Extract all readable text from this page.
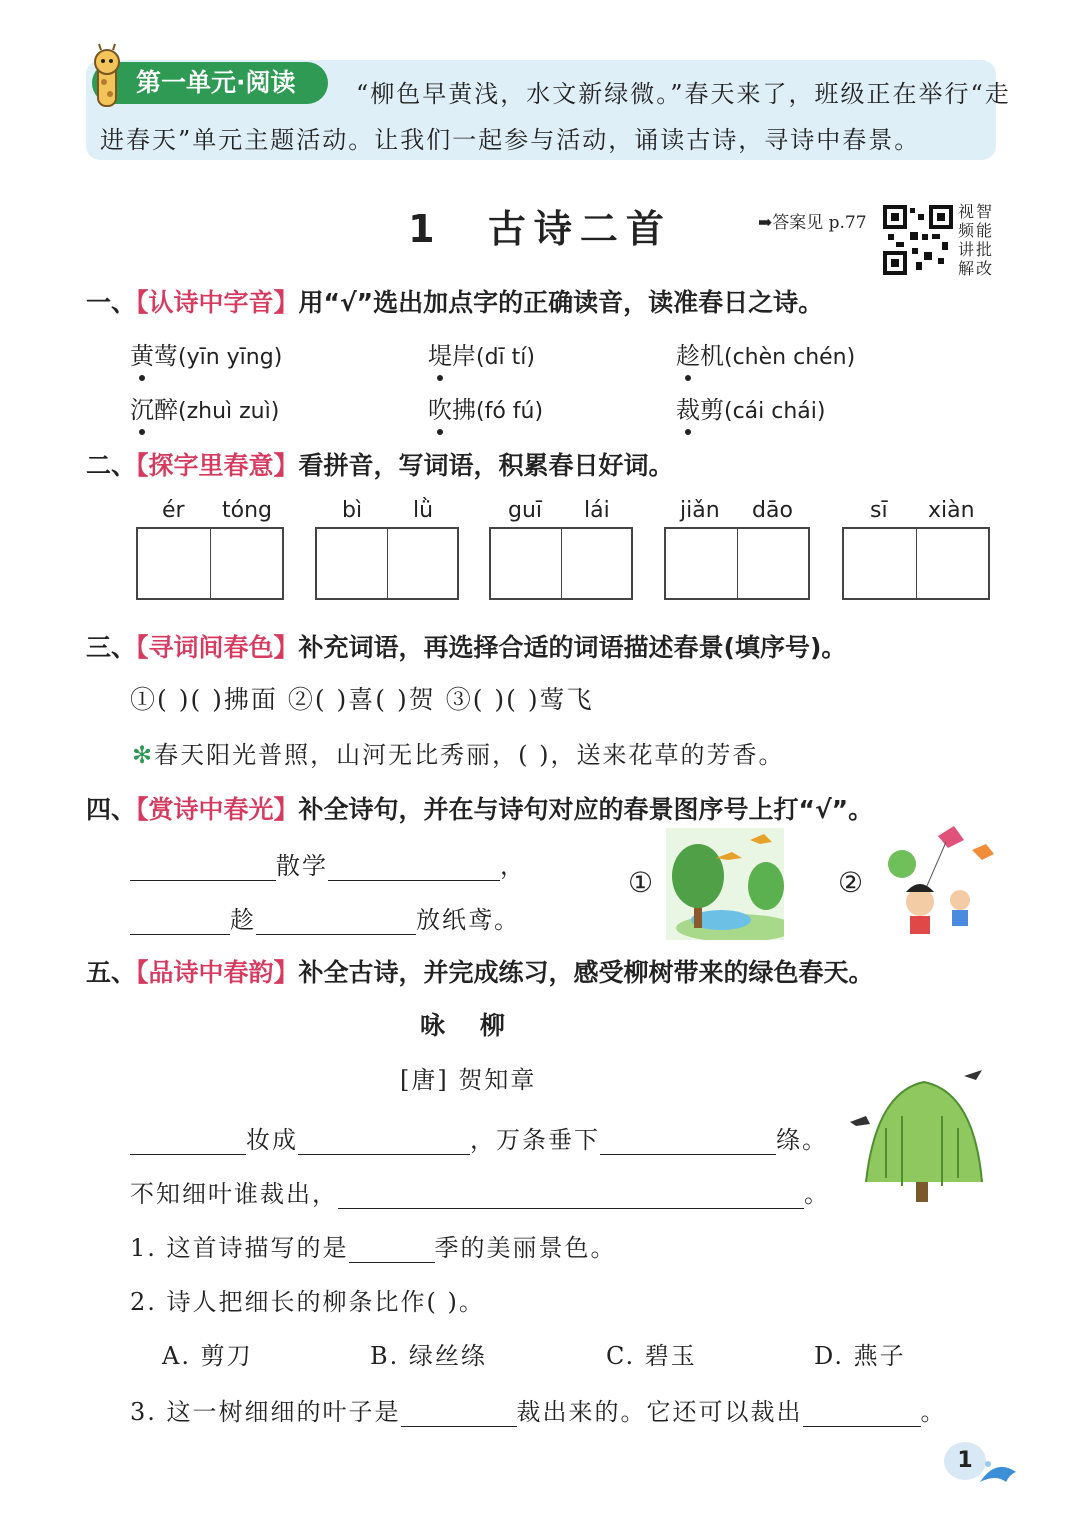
第一单元·阅读	“柳色早黄浅，水文新绿微。”春天来了，班级正在举行“走
进春天”单元主题活动。让我们一起参与活动，诵读古诗，寻诗中春景。
1 古诗二首	➡答案见 p.77
视智频能讲批解改
一、【认诗中字音】用“√”选出加点字的正确读音，读准春日之诗。
黄莺(yīn yīng)	堤岸(dī tí)	趁机(chèn chén)
沉醉(zhuì zuì)	吹拂(fó fú)	裁剪(cái chái)
二、【探字里春意】看拼音，写词语，积累春日好词。
ér tóng	bì lǜ	guī lái	jiǎn dāo	sī xiàn
三、【寻词间春色】补充词语，再选择合适的词语描述春景(填序号)。
①( )( )拂面 ②( )喜( )贺 ③( )( )莺飞
✻春天阳光普照，山河无比秀丽，( )，送来花草的芳香。
四、【赏诗中春光】补全诗句，并在与诗句对应的春景图序号上打“√”。
散学	，
趁	放纸鸢。
①	②
五、【品诗中春韵】补全古诗，并完成练习，感受柳树带来的绿色春天。
咏    柳
[唐] 贺知章
妆成	，万条垂下	绦。
不知细叶谁裁出，	。
1. 这首诗描写的是	季的美丽景色。
2. 诗人把细长的柳条比作( )。
A. 剪刀	B. 绿丝绦	C. 碧玉	D. 燕子
3. 这一树细细的叶子是	裁出来的。它还可以裁出	。
1
